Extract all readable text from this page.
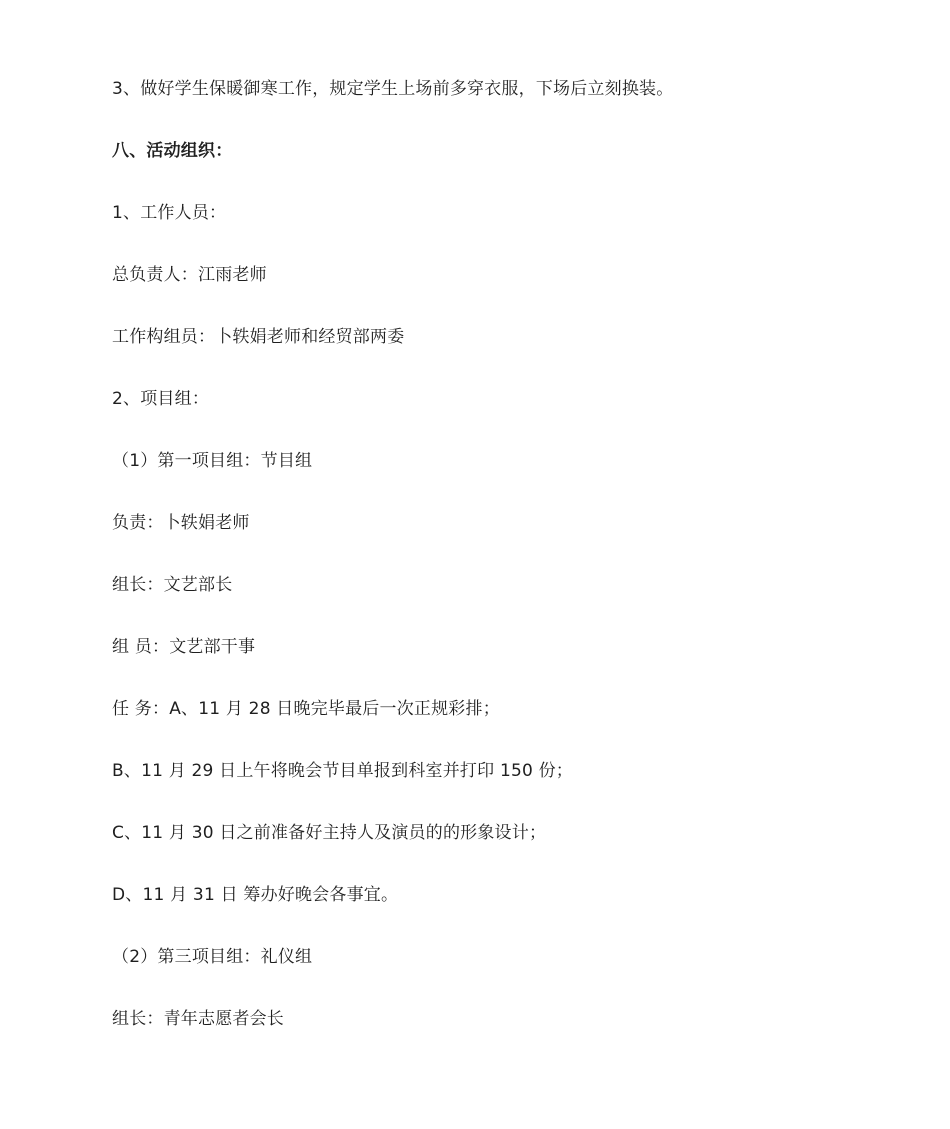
3、做好学生保暖御寒工作，规定学生上场前多穿衣服，下场后立刻换装。

八、活动组织：

1、工作人员：

总负责人：江雨老师

工作构组员：卜轶娟老师和经贸部两委

2、项目组：

（1）第一项目组：节目组

负责：卜轶娟老师

组长：文艺部长

组 员：文艺部干事

任 务：A、11 月 28 日晚完毕最后一次正规彩排；

B、11 月 29 日上午将晚会节目单报到科室并打印 150 份；

C、11 月 30 日之前准备好主持人及演员的的形象设计；

D、11 月 31 日 筹办好晚会各事宜。

（2）第三项目组：礼仪组

组长：青年志愿者会长
